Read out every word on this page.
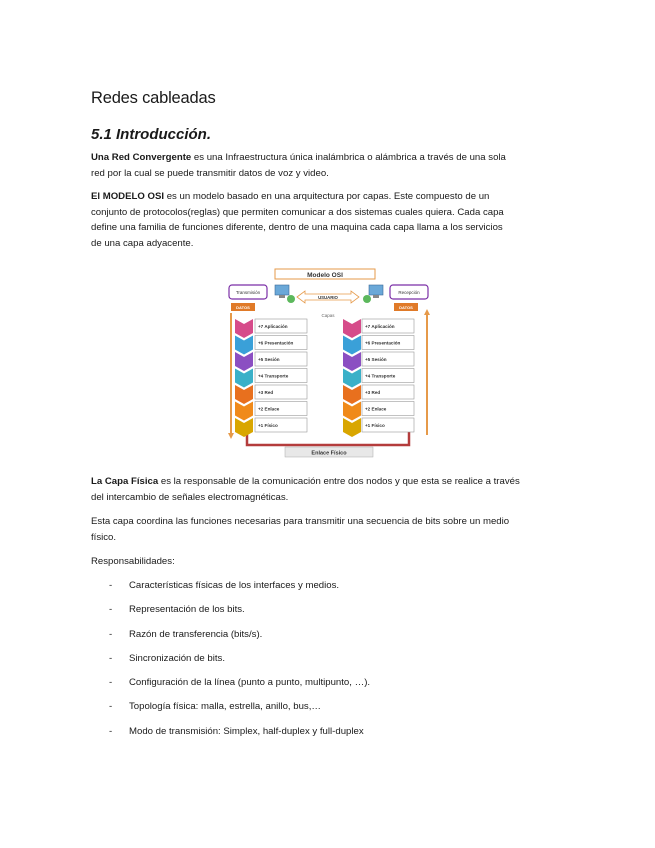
Redes cableadas
5.1 Introducción.
Una Red Convergente es una Infraestructura única inalámbrica o alámbrica a través de una sola
red por la cual se puede transmitir datos de voz y video.
El MODELO OSI es un modelo basado en una arquitectura por capas. Este compuesto de un
conjunto de protocolos(reglas) que permiten comunicar a dos sistemas cuales quiera. Cada capa
define una familia de funciones diferente, dentro de una maquina cada capa llama a los servicios
de una capa adyacente.
Modelo OSI
Transmisión
DATOS
Recepción
DATOS
USUARIO
Capas
Enlace Físico
+7 Aplicación
+6 Presentación
+5 Sesión
+4 Transporte
+3 Red
+2 Enlace
+1 Físico
+7 Aplicación
+6 Presentación
+5 Sesión
+4 Transporte
+3 Red
+2 Enlace
+1 Físico
La Capa Física es la responsable de la comunicación entre dos nodos y que esta se realice a través
del intercambio de señales electromagnéticas.
Esta capa coordina las funciones necesarias para transmitir una secuencia de bits sobre un medio
físico.
Responsabilidades:
- Características físicas de los interfaces y medios.
- Representación de los bits.
- Razón de transferencia (bits/s).
- Sincronización de bits.
- Configuración de la línea (punto a punto, multipunto, …).
- Topología física: malla, estrella, anillo, bus,…
- Modo de transmisión: Simplex, half-duplex y full-duplex
